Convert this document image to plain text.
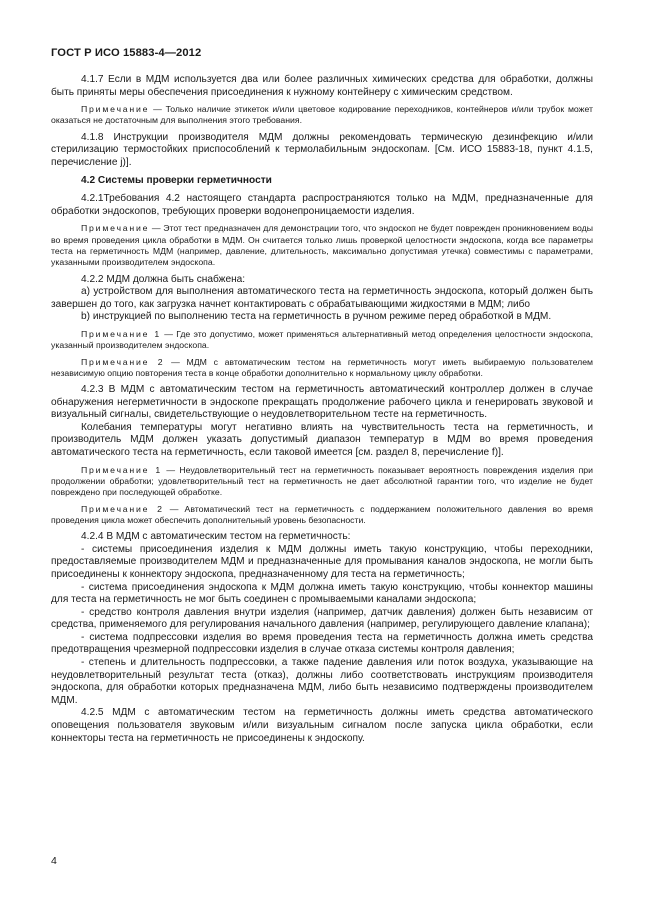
ГОСТ Р ИСО 15883-4—2012

4.1.7 Если в МДМ используется два или более различных химических средства для обработки, должны быть приняты меры обеспечения присоединения к нужному контейнеру с химическим средством.

Примечание — Только наличие этикеток и/или цветовое кодирование переходников, контейнеров и/или трубок может оказаться не достаточным для выполнения этого требования.

4.1.8 Инструкции производителя МДМ должны рекомендовать термическую дезинфекцию и/или стерилизацию термостойких приспособлений к термолабильным эндоскопам. [См. ИСО 15883-18, пункт 4.1.5, перечисление j)].

4.2 Системы проверки герметичности

4.2.1Требования 4.2 настоящего стандарта распространяются только на МДМ, предназначенные для обработки эндоскопов, требующих проверки водонепроницаемости изделия.

Примечание — Этот тест предназначен для демонстрации того, что эндоскоп не будет поврежден проникновением воды во время проведения цикла обработки в МДМ. Он считается только лишь проверкой целостности эндоскопа, когда все параметры теста на герметичность МДМ (например, давление, длительность, максимально допустимая утечка) совместимы с параметрами, указанными производителем эндоскопа.

4.2.2 МДМ должна быть снабжена:

а) устройством для выполнения автоматического теста на герметичность эндоскопа, который должен быть завершен до того, как загрузка начнет контактировать с обрабатывающими жидкостями в МДМ; либо

b) инструкцией по выполнению теста на герметичность в ручном режиме перед обработкой в МДМ.

Примечание 1 — Где это допустимо, может применяться альтернативный метод определения целостности эндоскопа, указанный производителем эндоскопа.

Примечание 2 — МДМ с автоматическим тестом на герметичность могут иметь выбираемую пользователем независимую опцию повторения теста в конце обработки дополнительно к нормальному циклу обработки.

4.2.3 В МДМ с автоматическим тестом на герметичность автоматический контроллер должен в случае обнаружения негерметичности в эндоскопе прекращать продолжение рабочего цикла и генерировать звуковой и визуальный сигналы, свидетельствующие о неудовлетворительном тесте на герметичность.

Колебания температуры могут негативно влиять на чувствительность теста на герметичность, и производитель МДМ должен указать допустимый диапазон температур в МДМ во время проведения автоматического теста на герметичность, если таковой имеется [см. раздел 8, перечисление f)].

Примечание 1 — Неудовлетворительный тест на герметичность показывает вероятность повреждения изделия при продолжении обработки; удовлетворительный тест на герметичность не дает абсолютной гарантии того, что изделие не будет повреждено при последующей обработке.

Примечание 2 — Автоматический тест на герметичность с поддержанием положительного давления во время проведения цикла может обеспечить дополнительный уровень безопасности.

4.2.4 В МДМ с автоматическим тестом на герметичность:

- системы присоединения изделия к МДМ должны иметь такую конструкцию, чтобы переходники, предоставляемые производителем МДМ и предназначенные для промывания каналов эндоскопа, не могли быть присоединены к коннектору эндоскопа, предназначенному для теста на герметичность;

- система присоединения эндоскопа к МДМ должна иметь такую конструкцию, чтобы коннектор машины для теста на герметичность не мог быть соединен с промываемыми каналами эндоскопа;

- средство контроля давления внутри изделия (например, датчик давления) должен быть независим от средства, применяемого для регулирования начального давления (например, регулирующего давление клапана);

- система подпрессовки изделия во время проведения теста на герметичность должна иметь средства предотвращения чрезмерной подпрессовки изделия в случае отказа системы контроля давления;

- степень и длительность подпрессовки, а также падение давления или поток воздуха, указывающие на неудовлетворительный результат теста (отказ), должны либо соответствовать инструкциям производителя эндоскопа, для обработки которых предназначена МДМ, либо быть независимо подтверждены производителем МДМ.

4.2.5 МДМ с автоматическим тестом на герметичность должны иметь средства автоматического оповещения пользователя звуковым и/или визуальным сигналом после запуска цикла обработки, если коннекторы теста на герметичность не присоединены к эндоскопу.

4
